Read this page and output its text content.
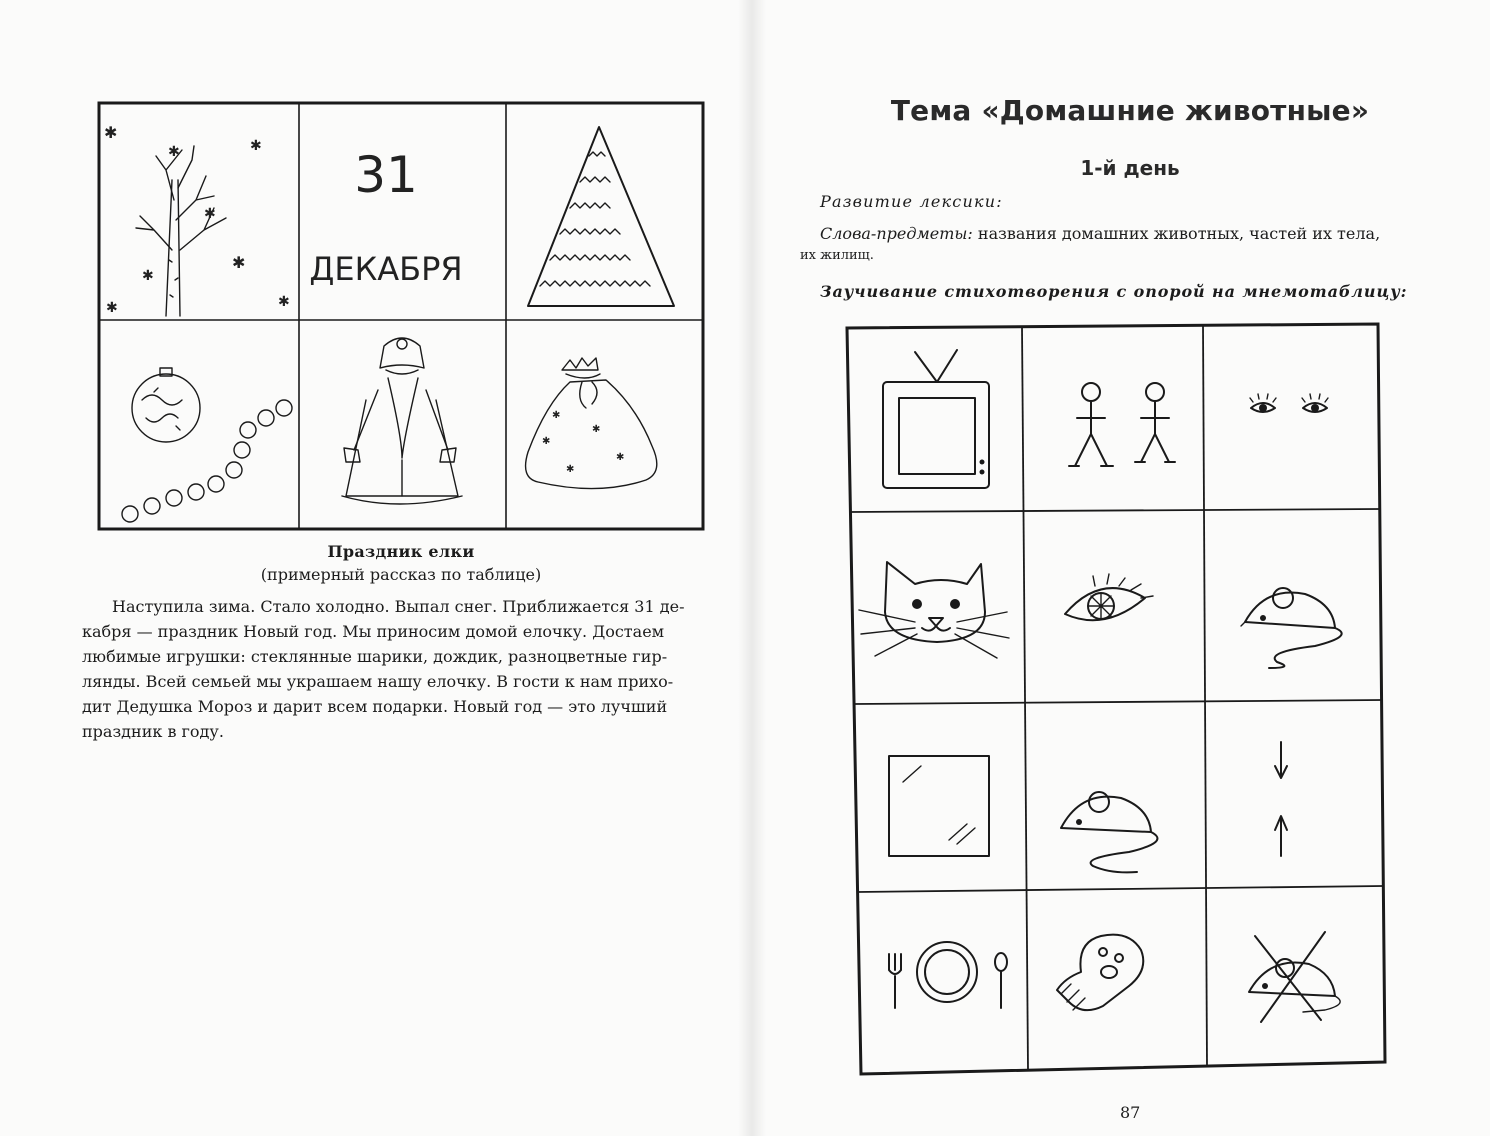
✱
✱	✱
✱
✱
✱
✱	✱
31
ДЕКАБРЯ
✱
✱
✱
✱
✱
Праздник елки
(примерный рассказ по таблице)

Наступила зима. Стало холодно. Выпал снег. Приближается 31 де-

кабря — праздник Новый год. Мы приносим домой елочку. Достаем
любимые игрушки: стеклянные шарики, дождик, разноцветные гир-
лянды. Всей семьей мы украшаем нашу елочку. В гости к нам прихо-
дит Дедушка Мороз и дарит всем подарки. Новый год — это лучший
праздник в году.
Тема «Домашние животные»
1-й день
Развитие лексики:
Слова-предметы: названия домашних животных, частей их тела,
их жилищ.
Заучивание стихотворения с опорой на мнемотаблицу:
87
